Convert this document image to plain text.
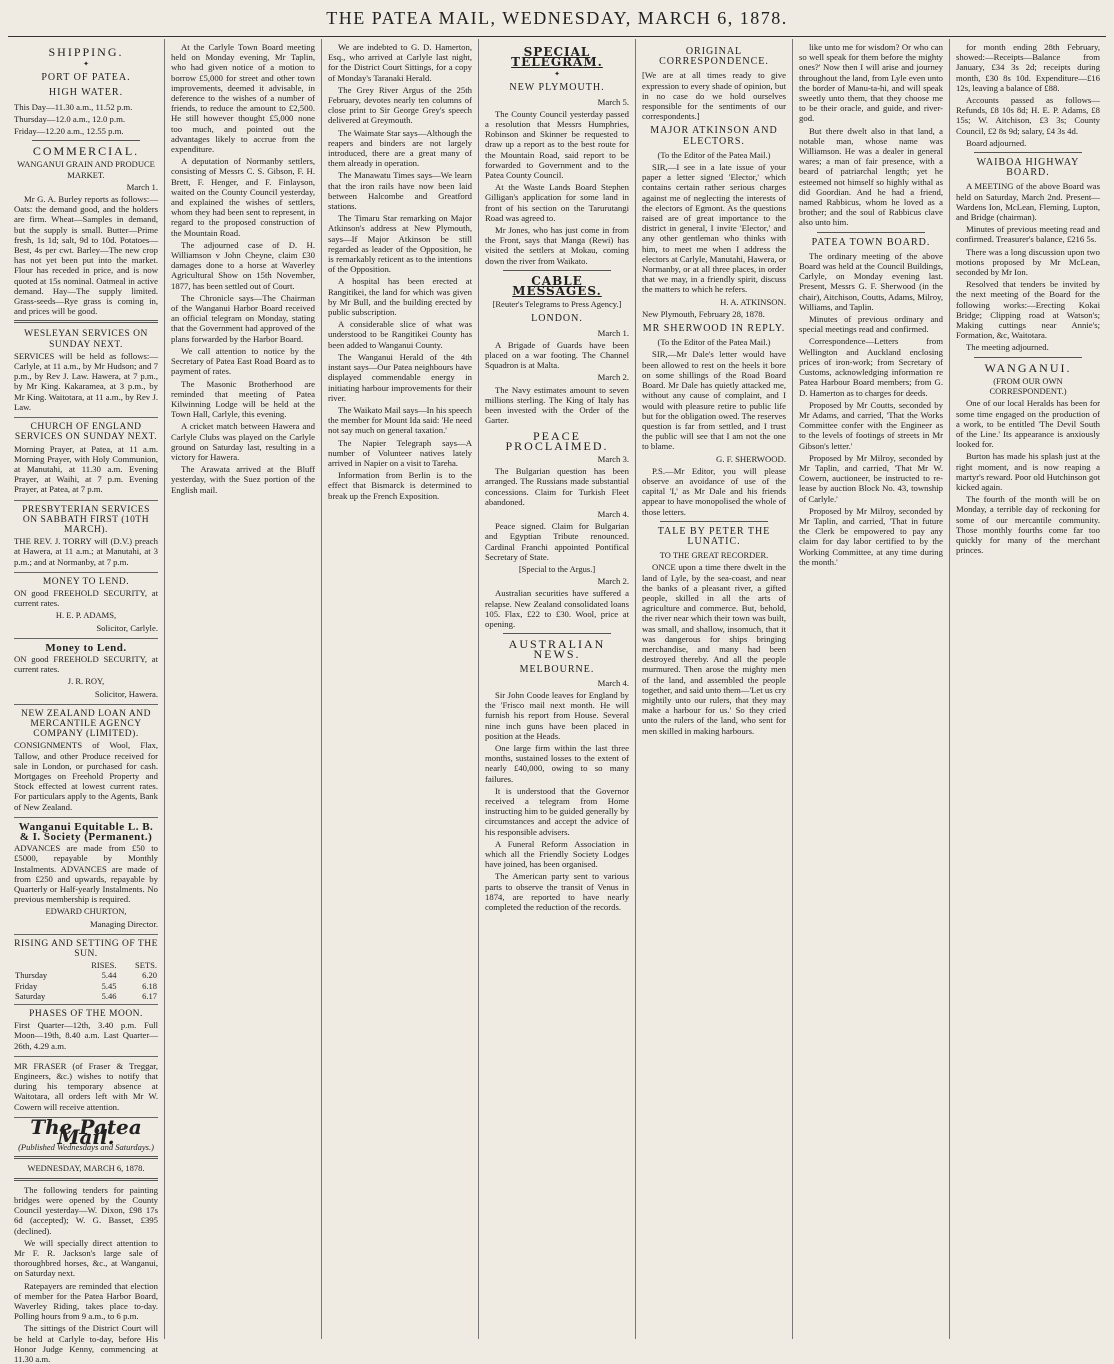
THE PATEA MAIL, WEDNESDAY, MARCH 6, 1878.
SHIPPING.
✦
PORT OF PATEA.
HIGH WATER.

This Day—11.30 a.m., 11.52 p.m.

Thursday—12.0 a.m., 12.0 p.m.

Friday—12.20 a.m., 12.55 p.m.

COMMERCIAL.
WANGANUI GRAIN AND PRODUCE MARKET.
March 1.

Mr G. A. Burley reports as follows:—Oats: the demand good, and the holders are firm. Wheat—Samples in demand, but the supply is small. Butter—Prime fresh, 1s 1d; salt, 9d to 10d. Potatoes—Best, 4s per cwt. Barley—The new crop has not yet been put into the market. Flour has receded in price, and is now quoted at 15s nominal. Oatmeal in active demand. Hay—The supply limited. Grass-seeds—Rye grass is coming in, and prices will be good.

WESLEYAN SERVICES ON SUNDAY NEXT.

SERVICES will be held as follows:—Carlyle, at 11 a.m., by Mr Hudson; and 7 p.m., by Rev J. Law. Hawera, at 7 p.m., by Mr King. Kakaramea, at 3 p.m., by Mr King. Waitotara, at 11 a.m., by Rev J. Law.

CHURCH OF ENGLAND SERVICES ON SUNDAY NEXT.

Morning Prayer, at Patea, at 11 a.m. Morning Prayer, with Holy Communion, at Manutahi, at 11.30 a.m. Evening Prayer, at Waihi, at 7 p.m. Evening Prayer, at Patea, at 7 p.m.

PRESBYTERIAN SERVICES ON SABBATH FIRST (10TH MARCH).

THE REV. J. TORRY will (D.V.) preach at Hawera, at 11 a.m.; at Manutahi, at 3 p.m.; and at Normanby, at 7 p.m.

MONEY TO LEND.

ON good FREEHOLD SECURITY, at current rates.

H. E. P. ADAMS,
Solicitor, Carlyle.
Money to Lend.

ON good FREEHOLD SECURITY, at current rates.

J. R. ROY,
Solicitor, Hawera.
NEW ZEALAND LOAN AND MERCANTILE AGENCY COMPANY (LIMITED).

CONSIGNMENTS of Wool, Flax, Tallow, and other Produce received for sale in London, or purchased for cash. Mortgages on Freehold Property and Stock effected at lowest current rates. For particulars apply to the Agents, Bank of New Zealand.

Wanganui Equitable L. B. & I. Society (Permanent.)

ADVANCES are made from £50 to £5000, repayable by Monthly Instalments. ADVANCES are made of from £250 and upwards, repayable by Quarterly or Half-yearly Instalments. No previous membership is required.

EDWARD CHURTON,
Managing Director.
RISING AND SETTING OF THE SUN.
	RISES.	SETS.
Thursday	5.44	6.20
Friday	5.45	6.18
Saturday	5.46	6.17
PHASES OF THE MOON.

First Quarter—12th, 3.40 p.m. Full Moon—19th, 8.40 a.m. Last Quarter—26th, 4.29 a.m.

MR FRASER (of Fraser & Treggar, Engineers, &c.) wishes to notify that during his temporary absence at Waitotara, all orders left with Mr W. Cowern will receive attention.

The Patea Mail.
(Published Wednesdays and Saturdays.)
WEDNESDAY, MARCH 6, 1878.

The following tenders for painting bridges were opened by the County Council yesterday—W. Dixon, £98 17s 6d (accepted); W. G. Basset, £395 (declined).

We will specially direct attention to Mr F. R. Jackson's large sale of thoroughbred horses, &c., at Wanganui, on Saturday next.

Ratepayers are reminded that election of member for the Patea Harbor Board, Waverley Riding, takes place to-day. Polling hours from 9 a.m., to 6 p.m.

The sittings of the District Court will be held at Carlyle to-day, before His Honor Judge Kenny, commencing at 11.30 a.m.

At the Carlyle Town Board meeting held on Monday evening, Mr Taplin, who had given notice of a motion to borrow £5,000 for street and other town improvements, deemed it advisable, in deference to the wishes of a number of friends, to reduce the amount to £2,500. He still however thought £5,000 none too much, and pointed out the advantages likely to accrue from the expenditure.

A deputation of Normanby settlers, consisting of Messrs C. S. Gibson, F. H. Brett, F. Henger, and F. Finlayson, waited on the County Council yesterday, and explained the wishes of settlers, whom they had been sent to represent, in regard to the proposed construction of the Mountain Road.

The adjourned case of D. H. Williamson v John Cheyne, claim £30 damages done to a horse at Waverley Agricultural Show on 15th November, 1877, has been settled out of Court.

The Chronicle says—The Chairman of the Wanganui Harbor Board received an official telegram on Monday, stating that the Government had approved of the plans forwarded by the Harbor Board.

We call attention to notice by the Secretary of Patea East Road Board as to payment of rates.

The Masonic Brotherhood are reminded that meeting of Patea Kilwinning Lodge will be held at the Town Hall, Carlyle, this evening.

A cricket match between Hawera and Carlyle Clubs was played on the Carlyle ground on Saturday last, resulting in a victory for Hawera.

The Arawata arrived at the Bluff yesterday, with the Suez portion of the English mail.

We are indebted to G. D. Hamerton, Esq., who arrived at Carlyle last night, for the District Court Sittings, for a copy of Monday's Taranaki Herald.

The Grey River Argus of the 25th February, devotes nearly ten columns of close print to Sir George Grey's speech delivered at Greymouth.

The Waimate Star says—Although the reapers and binders are not largely introduced, there are a great many of them already in operation.

The Manawatu Times says—We learn that the iron rails have now been laid between Halcombe and Greatford stations.

The Timaru Star remarking on Major Atkinson's address at New Plymouth, says—If Major Atkinson be still regarded as leader of the Opposition, he is remarkably reticent as to the intentions of the Opposition.

A hospital has been erected at Rangitikei, the land for which was given by Mr Bull, and the building erected by public subscription.

A considerable slice of what was understood to be Rangitikei County has been added to Wanganui County.

The Wanganui Herald of the 4th instant says—Our Patea neighbours have displayed commendable energy in initiating harbour improvements for their river.

The Waikato Mail says—In his speech the member for Mount Ida said: 'He need not say much on general taxation.'

The Napier Telegraph says—A number of Volunteer natives lately arrived in Napier on a visit to Tareha.

Information from Berlin is to the effect that Bismarck is determined to break up the French Exposition.

SPECIAL TELEGRAM.
✦
NEW PLYMOUTH.
March 5.

The County Council yesterday passed a resolution that Messrs Humphries, Robinson and Skinner be requested to draw up a report as to the best route for the Mountain Road, said report to be forwarded to Government and to the Patea County Council.

At the Waste Lands Board Stephen Gilligan's application for some land in front of his section on the Tarurutangi Road was agreed to.

Mr Jones, who has just come in from the Front, says that Manga (Rewi) has visited the settlers at Mokau, coming down the river from Waikato.

CABLE MESSAGES.
[Reuter's Telegrams to Press Agency.]
LONDON.
March 1.

A Brigade of Guards have been placed on a war footing. The Channel Squadron is at Malta.

March 2.

The Navy estimates amount to seven millions sterling. The King of Italy has been invested with the Order of the Garter.

PEACE PROCLAIMED.
March 3.

The Bulgarian question has been arranged. The Russians made substantial concessions. Claim for Turkish Fleet abandoned.

March 4.

Peace signed. Claim for Bulgarian and Egyptian Tribute renounced. Cardinal Franchi appointed Pontifical Secretary of State.

[Special to the Argus.]
March 2.

Australian securities have suffered a relapse. New Zealand consolidated loans 105. Flax, £22 to £30. Wool, price at opening.

AUSTRALIAN NEWS.
MELBOURNE.
March 4.

Sir John Coode leaves for England by the 'Frisco mail next month. He will furnish his report from House. Several nine inch guns have been placed in position at the Heads.

One large firm within the last three months, sustained losses to the extent of nearly £40,000, owing to so many failures.

It is understood that the Governor received a telegram from Home instructing him to be guided generally by circumstances and accept the advice of his responsible advisers.

A Funeral Reform Association in which all the Friendly Society Lodges have joined, has been organised.

The American party sent to various parts to observe the transit of Venus in 1874, are reported to have nearly completed the reduction of the records.

ORIGINAL CORRESPONDENCE.

[We are at all times ready to give expression to every shade of opinion, but in no case do we hold ourselves responsible for the sentiments of our correspondents.]

MAJOR ATKINSON AND ELECTORS.
(To the Editor of the Patea Mail.)

SIR,—I see in a late issue of your paper a letter signed 'Elector,' which contains certain rather serious charges against me of neglecting the interests of the electors of Egmont. As the questions raised are of great importance to the district in general, I invite 'Elector,' and any other gentleman who thinks with him, to meet me when I address the electors at Carlyle, Manutahi, Hawera, or Normanby, or at all three places, in order that we may, in a friendly spirit, discuss the matters to which he refers.

H. A. ATKINSON.

New Plymouth, February 28, 1878.

MR SHERWOOD IN REPLY.
(To the Editor of the Patea Mail.)

SIR,—Mr Dale's letter would have been allowed to rest on the heels it bore on some shillings of the Road Board Board. Mr Dale has quietly attacked me, without any cause of complaint, and I would with pleasure retire to public life but for the obligation owed. The reserves question is far from settled, and I trust the public will see that I am not the one to blame.

G. F. SHERWOOD.

P.S.—Mr Editor, you will please observe an avoidance of use of the capital 'I,' as Mr Dale and his friends appear to have monopolised the whole of those letters.

TALE BY PETER THE LUNATIC.
TO THE GREAT RECORDER.

ONCE upon a time there dwelt in the land of Lyle, by the sea-coast, and near the banks of a pleasant river, a gifted people, skilled in all the arts of agriculture and commerce. But, behold, the river near which their town was built, was small, and shallow, insomuch, that it was dangerous for ships bringing merchandise, and many had been destroyed thereby. And all the people murmured. Then arose the mighty men of the land, and assembled the people together, and said unto them—'Let us cry mightily unto our rulers, that they may make a harbour for us.' So they cried unto the rulers of the land, who sent for men skilled in making harbours.

like unto me for wisdom? Or who can so well speak for them before the mighty ones?' Now then I will arise and journey throughout the land, from Lyle even unto the border of Manu-ta-hi, and will speak sweetly unto them, that they choose me to be their oracle, and guide, and river-god.

But there dwelt also in that land, a notable man, whose name was Williamson. He was a dealer in general wares; a man of fair presence, with a beard of patriarchal length; yet he esteemed not himself so highly withal as did Goordian. And he had a friend, named Rabbicus, whom he loved as a brother; and the soul of Rabbicus clave also unto him.

PATEA TOWN BOARD.

The ordinary meeting of the above Board was held at the Council Buildings, Carlyle, on Monday evening last. Present, Messrs G. F. Sherwood (in the chair), Aitchison, Coutts, Adams, Milroy, Williams, and Taplin.

Minutes of previous ordinary and special meetings read and confirmed.

Correspondence—Letters from Wellington and Auckland enclosing prices of iron-work; from Secretary of Customs, acknowledging information re Patea Harbour Board members; from G. D. Hamerton as to charges for deeds.

Proposed by Mr Coutts, seconded by Mr Adams, and carried, 'That the Works Committee confer with the Engineer as to the levels of footings of streets in Mr Gibson's letter.'

Proposed by Mr Milroy, seconded by Mr Taplin, and carried, 'That Mr W. Cowern, auctioneer, be instructed to re-lease by auction Block No. 43, township of Carlyle.'

Proposed by Mr Milroy, seconded by Mr Taplin, and carried, 'That in future the Clerk be empowered to pay any claim for day labor certified to by the Working Committee, at any time during the month.'

for month ending 28th February, showed:—Receipts—Balance from January, £34 3s 2d; receipts during month, £30 8s 10d. Expenditure—£16 12s, leaving a balance of £88.

Accounts passed as follows—Refunds, £8 10s 8d; H. E. P. Adams, £8 15s; W. Aitchison, £3 3s; County Council, £2 8s 9d; salary, £4 3s 4d.

Board adjourned.

WAIBOA HIGHWAY BOARD.

A MEETING of the above Board was held on Saturday, March 2nd. Present—Wardens Ion, McLean, Fleming, Lupton, and Bridge (chairman).

Minutes of previous meeting read and confirmed. Treasurer's balance, £216 5s.

There was a long discussion upon two motions proposed by Mr McLean, seconded by Mr Ion.

Resolved that tenders be invited by the next meeting of the Board for the following works:—Erecting Kokai Bridge; Clipping road at Watson's; Making cuttings near Annie's; Formation, &c, Waitotara.

The meeting adjourned.

WANGANUI.
(FROM OUR OWN CORRESPONDENT.)

One of our local Heralds has been for some time engaged on the production of a work, to be entitled 'The Devil South of the Line.' Its appearance is anxiously looked for.

Burton has made his splash just at the right moment, and is now reaping a martyr's reward. Poor old Hutchinson got kicked again.

The fourth of the month will be on Monday, a terrible day of reckoning for some of our mercantile community. Those monthly fourths come far too quickly for many of the merchant princes.
